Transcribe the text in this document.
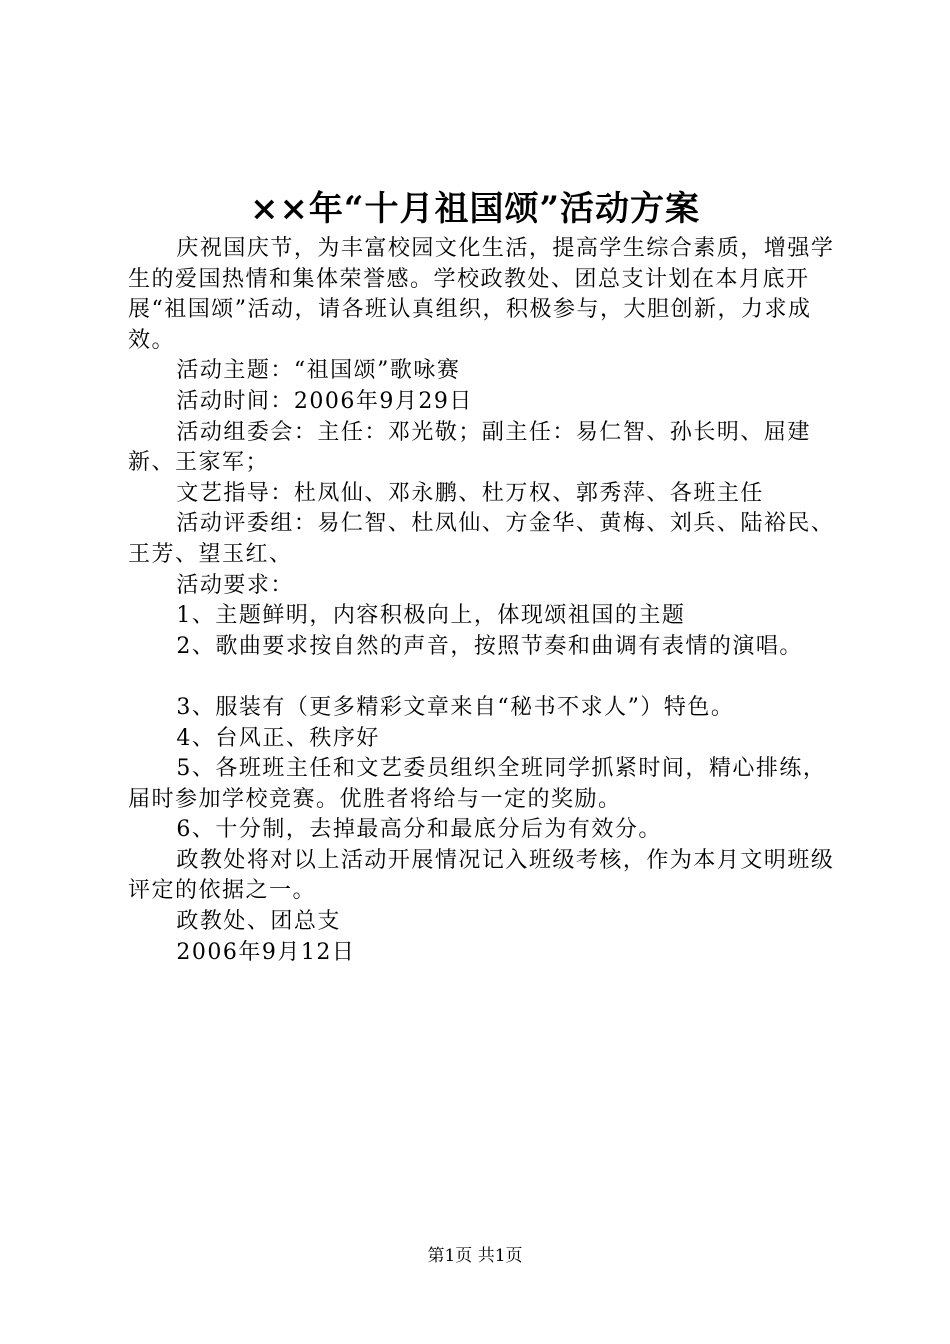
××年“十月祖国颂”活动方案

庆祝国庆节，为丰富校园文化生活，提高学生综合素质，增强学生的爱国热情和集体荣誉感。学校政教处、团总支计划在本月底开展“祖国颂”活动，请各班认真组织，积极参与，大胆创新，力求成效。

活动主题：“祖国颂”歌咏赛

活动时间：2006年9月29日

活动组委会：主任：邓光敬；副主任：易仁智、孙长明、屈建新、王家军；

文艺指导：杜凤仙、邓永鹏、杜万权、郭秀萍、各班主任

活动评委组：易仁智、杜凤仙、方金华、黄梅、刘兵、陆裕民、王芳、望玉红、

活动要求：

1、主题鲜明，内容积极向上，体现颂祖国的主题

2、歌曲要求按自然的声音，按照节奏和曲调有表情的演唱。

3、服装有（更多精彩文章来自“秘书不求人”）特色。

4、台风正、秩序好

5、各班班主任和文艺委员组织全班同学抓紧时间，精心排练，届时参加学校竞赛。优胜者将给与一定的奖励。

6、十分制，去掉最高分和最底分后为有效分。

政教处将对以上活动开展情况记入班级考核，作为本月文明班级评定的依据之一。

政教处、团总支

2006年9月12日

第1页 共1页
